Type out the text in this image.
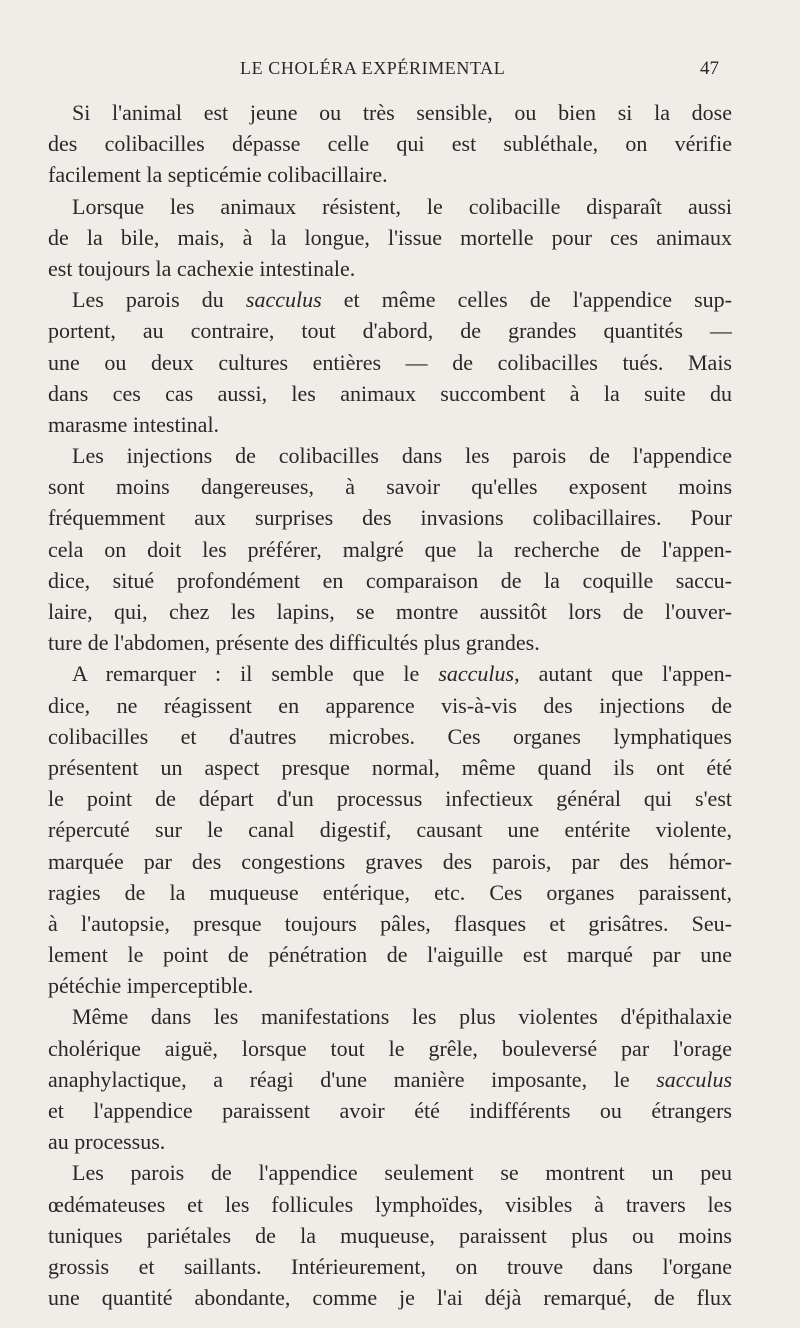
LE CHOLÉRA EXPÉRIMENTAL	47
Si l'animal est jeune ou très sensible, ou bien si la dose
des colibacilles dépasse celle qui est subléthale, on vérifie
facilement la septicémie colibacillaire.
Lorsque les animaux résistent, le colibacille disparaît aussi
de la bile, mais, à la longue, l'issue mortelle pour ces animaux
est toujours la cachexie intestinale.
Les parois du sacculus et même celles de l'appendice sup-
portent, au contraire, tout d'abord, de grandes quantités —
une ou deux cultures entières — de colibacilles tués. Mais
dans ces cas aussi, les animaux succombent à la suite du
marasme intestinal.
Les injections de colibacilles dans les parois de l'appendice
sont moins dangereuses, à savoir qu'elles exposent moins
fréquemment aux surprises des invasions colibacillaires. Pour
cela on doit les préférer, malgré que la recherche de l'appen-
dice, situé profondément en comparaison de la coquille saccu-
laire, qui, chez les lapins, se montre aussitôt lors de l'ouver-
ture de l'abdomen, présente des difficultés plus grandes.
A remarquer : il semble que le sacculus, autant que l'appen-
dice, ne réagissent en apparence vis-à-vis des injections de
colibacilles et d'autres microbes. Ces organes lymphatiques
présentent un aspect presque normal, même quand ils ont été
le point de départ d'un processus infectieux général qui s'est
répercuté sur le canal digestif, causant une entérite violente,
marquée par des congestions graves des parois, par des hémor-
ragies de la muqueuse entérique, etc. Ces organes paraissent,
à l'autopsie, presque toujours pâles, flasques et grisâtres. Seu-
lement le point de pénétration de l'aiguille est marqué par une
pétéchie imperceptible.
Même dans les manifestations les plus violentes d'épithalaxie
cholérique aiguë, lorsque tout le grêle, bouleversé par l'orage
anaphylactique, a réagi d'une manière imposante, le sacculus
et l'appendice paraissent avoir été indifférents ou étrangers
au processus.
Les parois de l'appendice seulement se montrent un peu
œdémateuses et les follicules lymphoïdes, visibles à travers les
tuniques pariétales de la muqueuse, paraissent plus ou moins
grossis et saillants. Intérieurement, on trouve dans l'organe
une quantité abondante, comme je l'ai déjà remarqué, de flux
